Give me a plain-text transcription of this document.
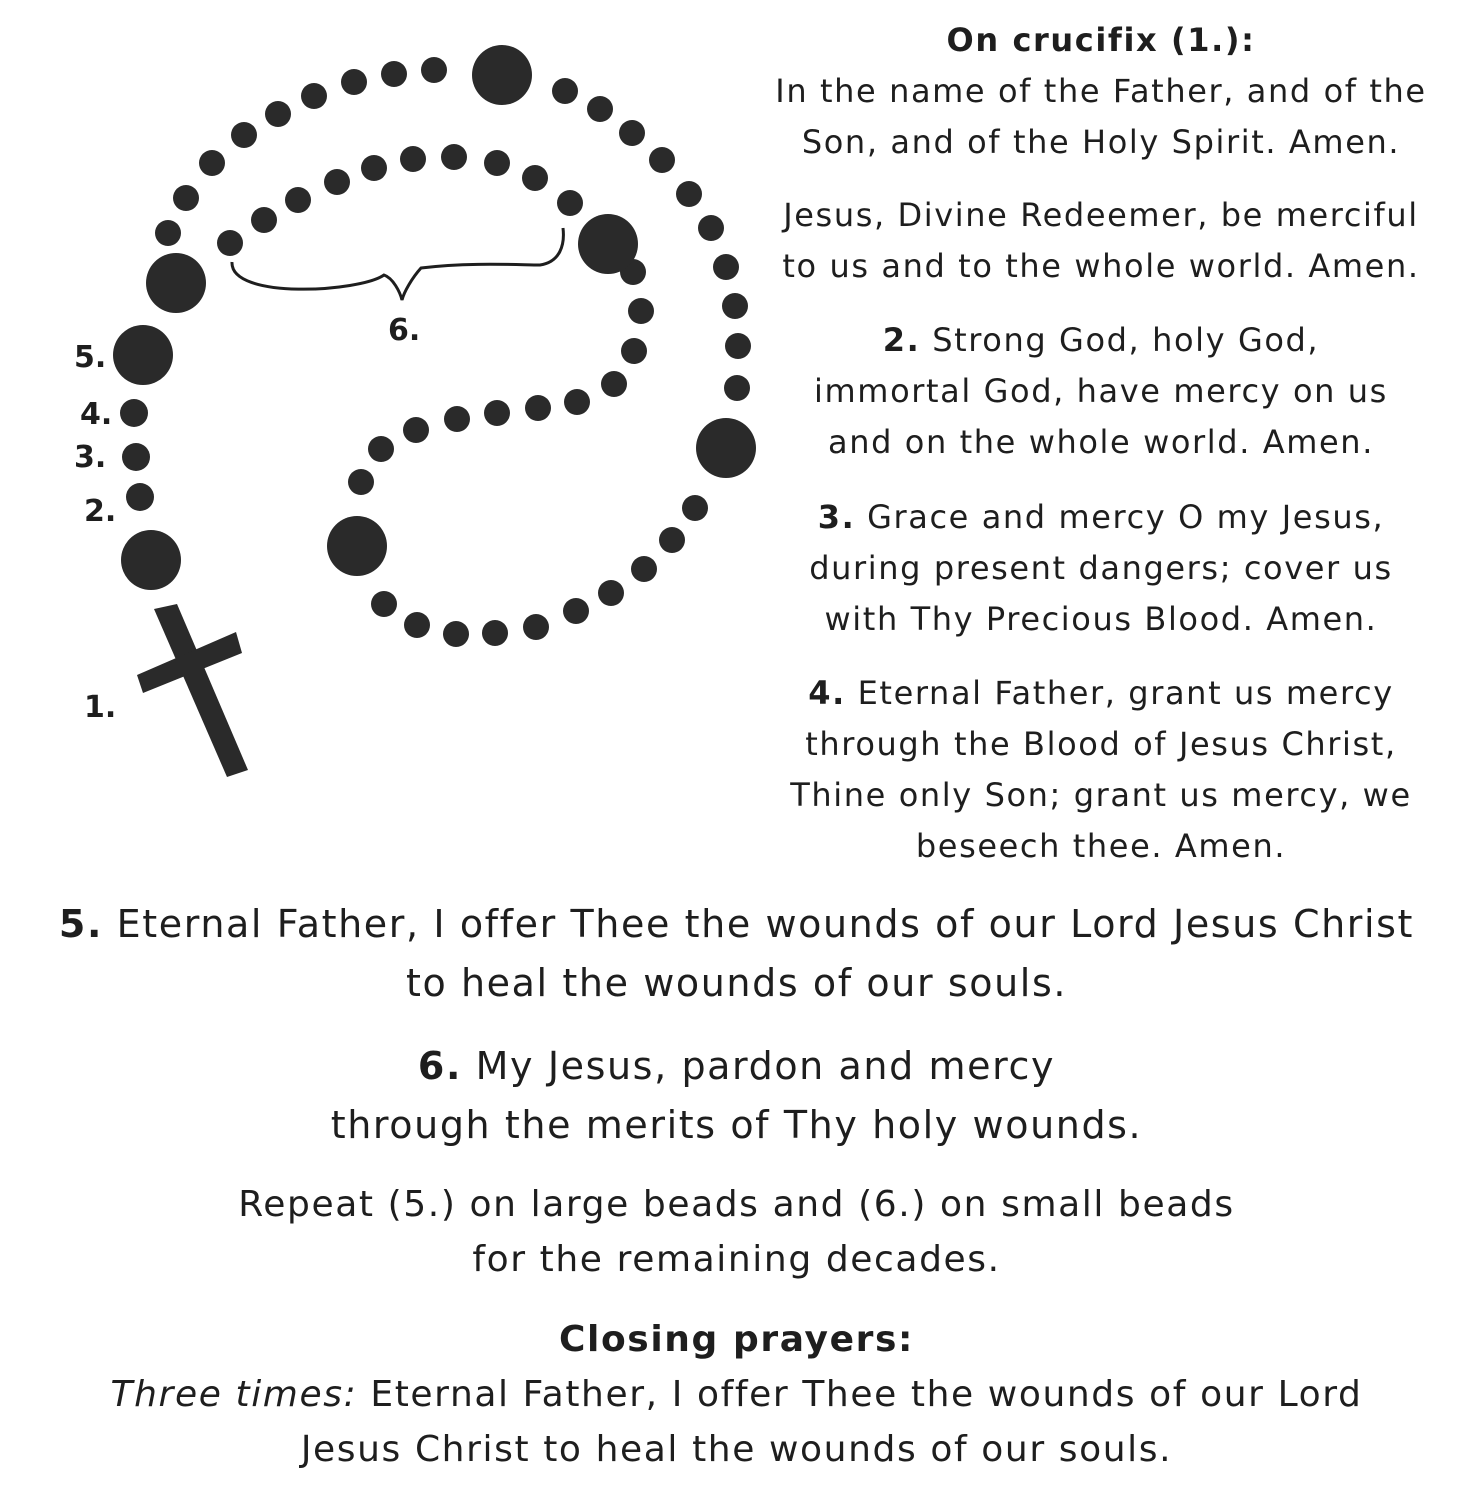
6.
5.
4.
3.
2.
1.
On crucifix (1.):
In the name of the Father, and of the
Son, and of the Holy Spirit. Amen.
Jesus, Divine Redeemer, be merciful
to us and to the whole world. Amen.
2. Strong God, holy God,
immortal God, have mercy on us
and on the whole world. Amen.
3. Grace and mercy O my Jesus,
during present dangers; cover us
with Thy Precious Blood. Amen.
4. Eternal Father, grant us mercy
through the Blood of Jesus Christ,
Thine only Son; grant us mercy, we
beseech thee. Amen.
5. Eternal Father, I offer Thee the wounds of our Lord Jesus Christ
to heal the wounds of our souls.
6. My Jesus, pardon and mercy
through the merits of Thy holy wounds.
Repeat (5.) on large beads and (6.) on small beads
for the remaining decades.
Closing prayers:
Three times: Eternal Father, I offer Thee the wounds of our Lord
Jesus Christ to heal the wounds of our souls.
